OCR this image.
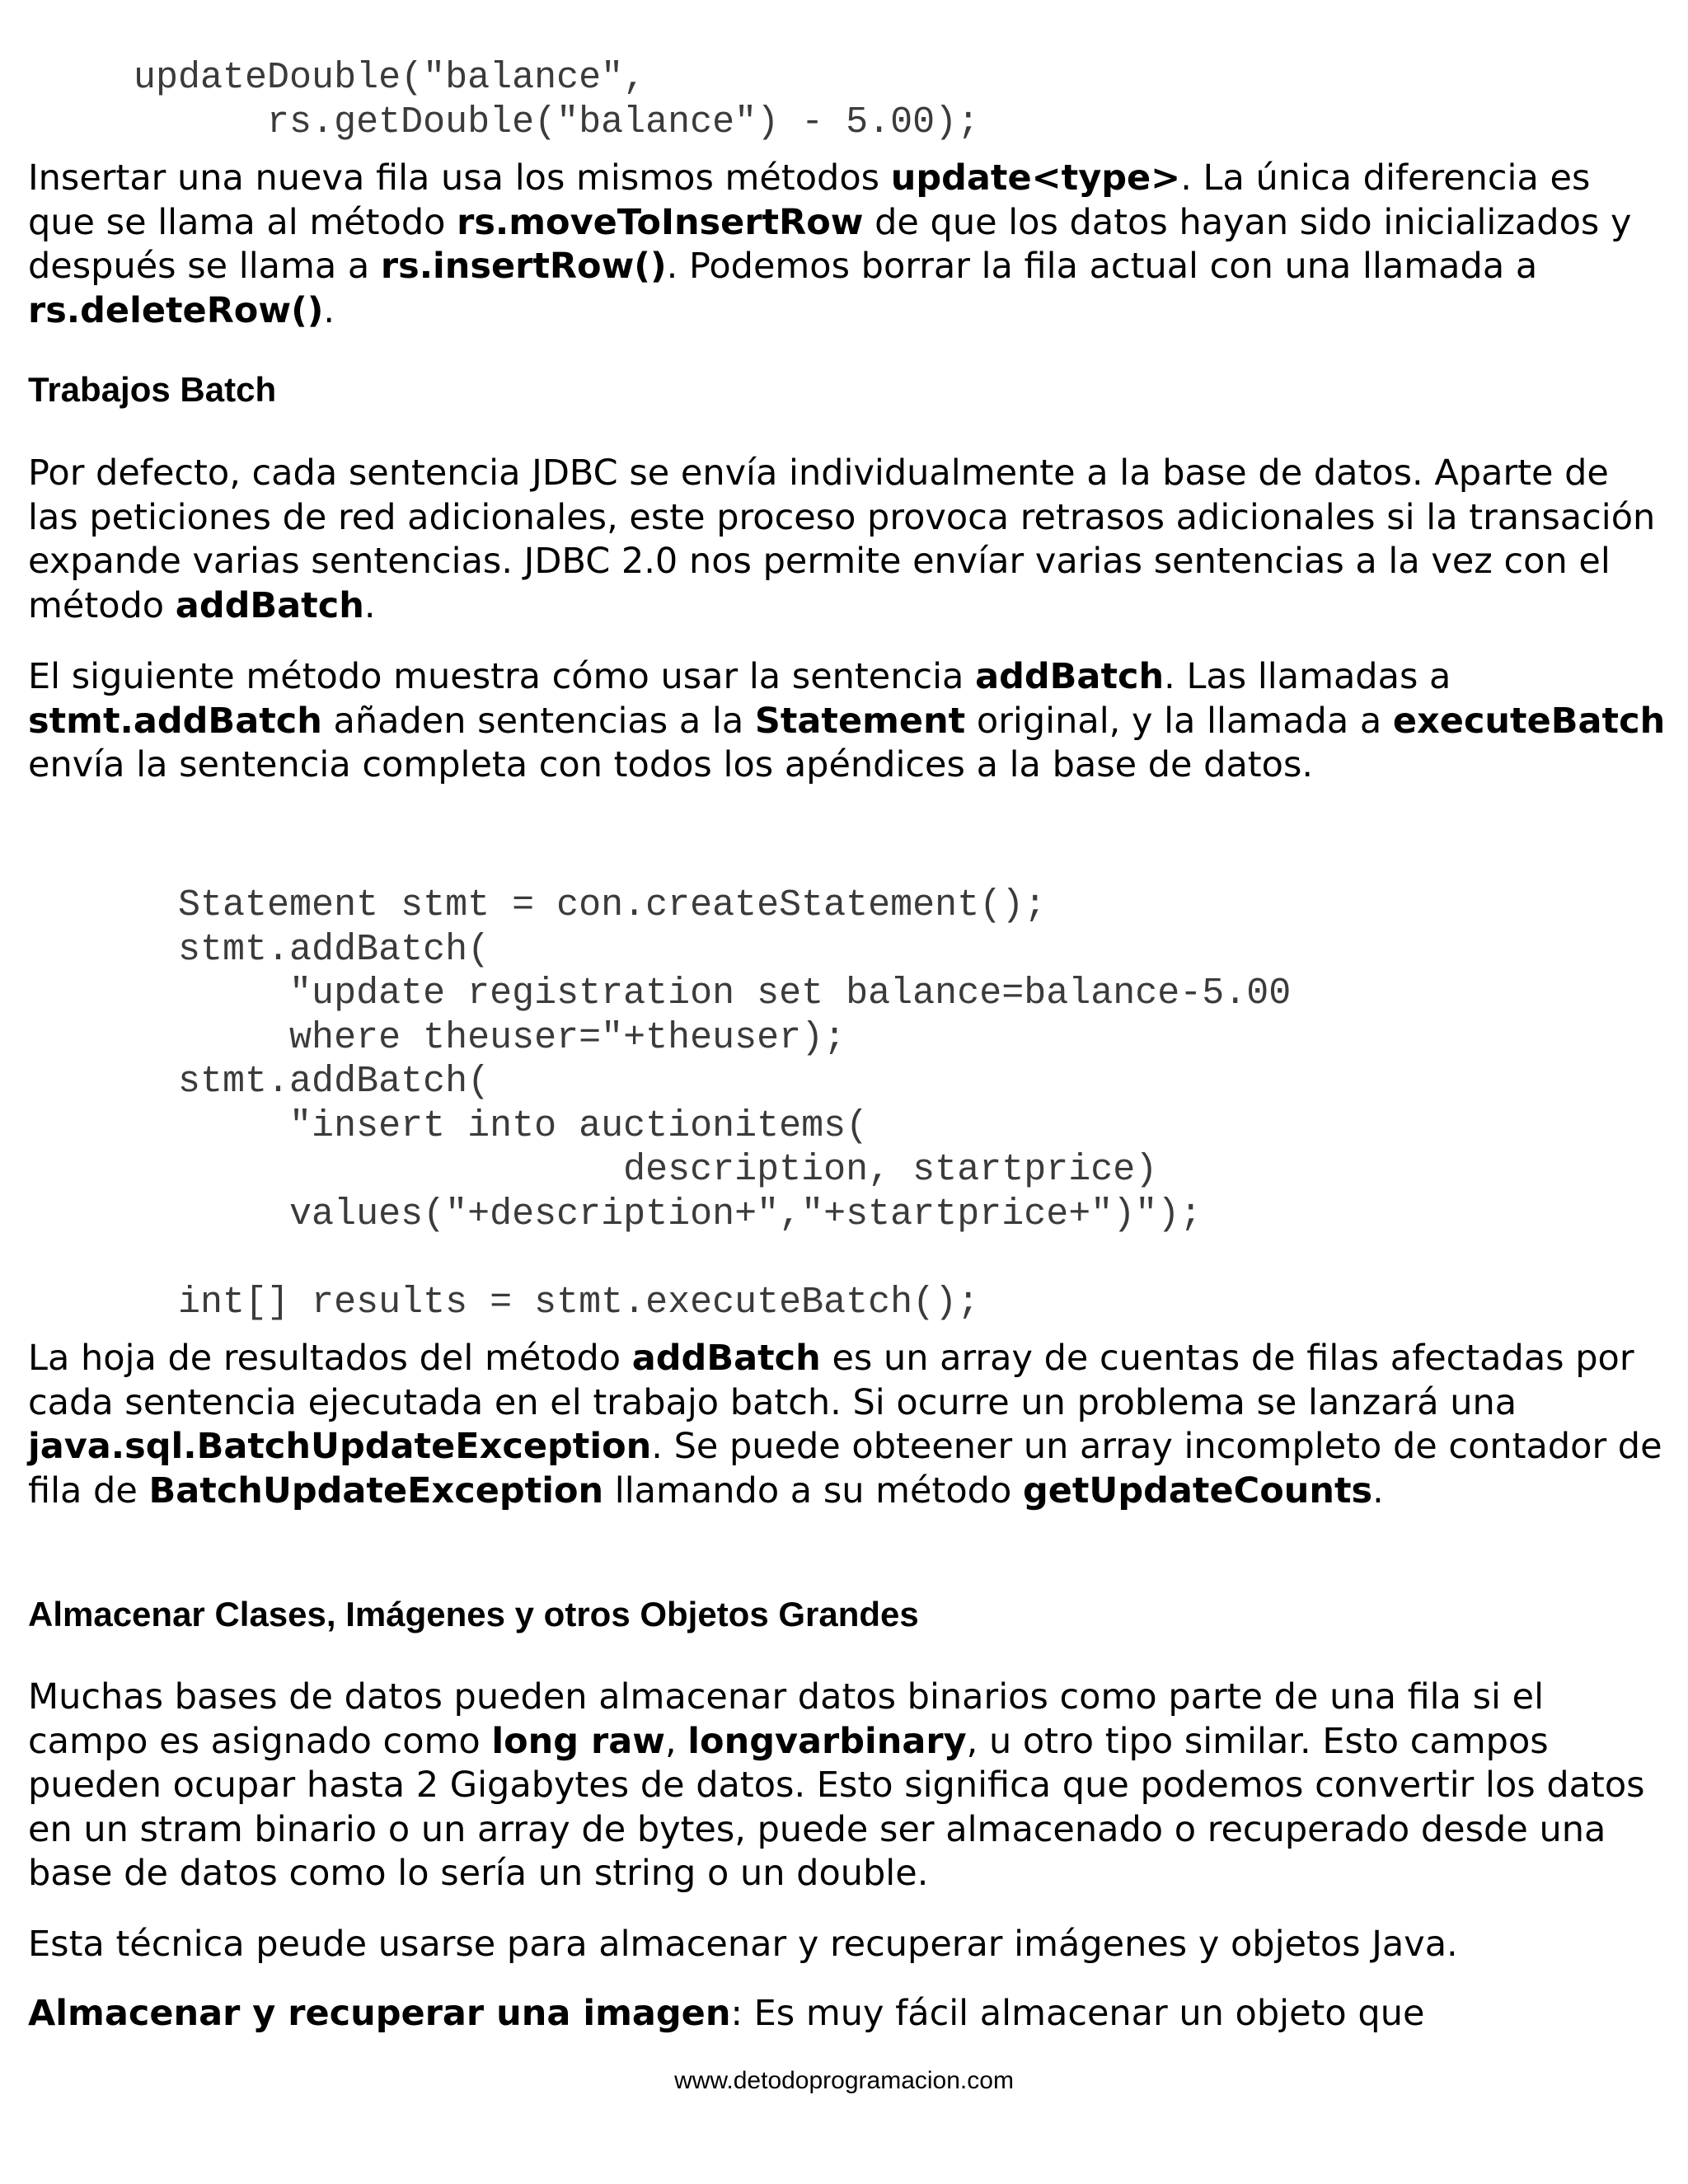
updateDouble("balance",
rs.getDouble("balance") - 5.00);

Insertar una nueva fila usa los mismos métodos update<type>. La única diferencia es que se llama al método rs.moveToInsertRow de que los datos hayan sido inicializados y después se llama a rs.insertRow(). Podemos borrar la fila actual con una llamada a rs.deleteRow().

Trabajos Batch

Por defecto, cada sentencia JDBC se envía individualmente a la base de datos. Aparte de las peticiones de red adicionales, este proceso provoca retrasos adicionales si la transación expande varias sentencias. JDBC 2.0 nos permite envíar varias sentencias a la vez con el método addBatch.

El siguiente método muestra cómo usar la sentencia addBatch. Las llamadas a stmt.addBatch añaden sentencias a la Statement original, y la llamada a executeBatch envía la sentencia completa con todos los apéndices a la base de datos.

Statement stmt = con.createStatement();
stmt.addBatch(
"update registration set balance=balance-5.00
where theuser="+theuser);
stmt.addBatch(
"insert into auctionitems(
description, startprice)
values("+description+","+startprice+")");

int[] results = stmt.executeBatch();

La hoja de resultados del método addBatch es un array de cuentas de filas afectadas por cada sentencia ejecutada en el trabajo batch. Si ocurre un problema se lanzará una java.sql.BatchUpdateException. Se puede obteener un array incompleto de contador de fila de BatchUpdateException llamando a su método getUpdateCounts.

Almacenar Clases, Imágenes y otros Objetos Grandes

Muchas bases de datos pueden almacenar datos binarios como parte de una fila si el campo es asignado como long raw, longvarbinary, u otro tipo similar. Esto campos pueden ocupar hasta 2 Gigabytes de datos. Esto significa que podemos convertir los datos en un stram binario o un array de bytes, puede ser almacenado o recuperado desde una base de datos como lo sería un string o un double.

Esta técnica peude usarse para almacenar y recuperar imágenes y objetos Java.

Almacenar y recuperar una imagen: Es muy fácil almacenar un objeto que

www.detodoprogramacion.com
